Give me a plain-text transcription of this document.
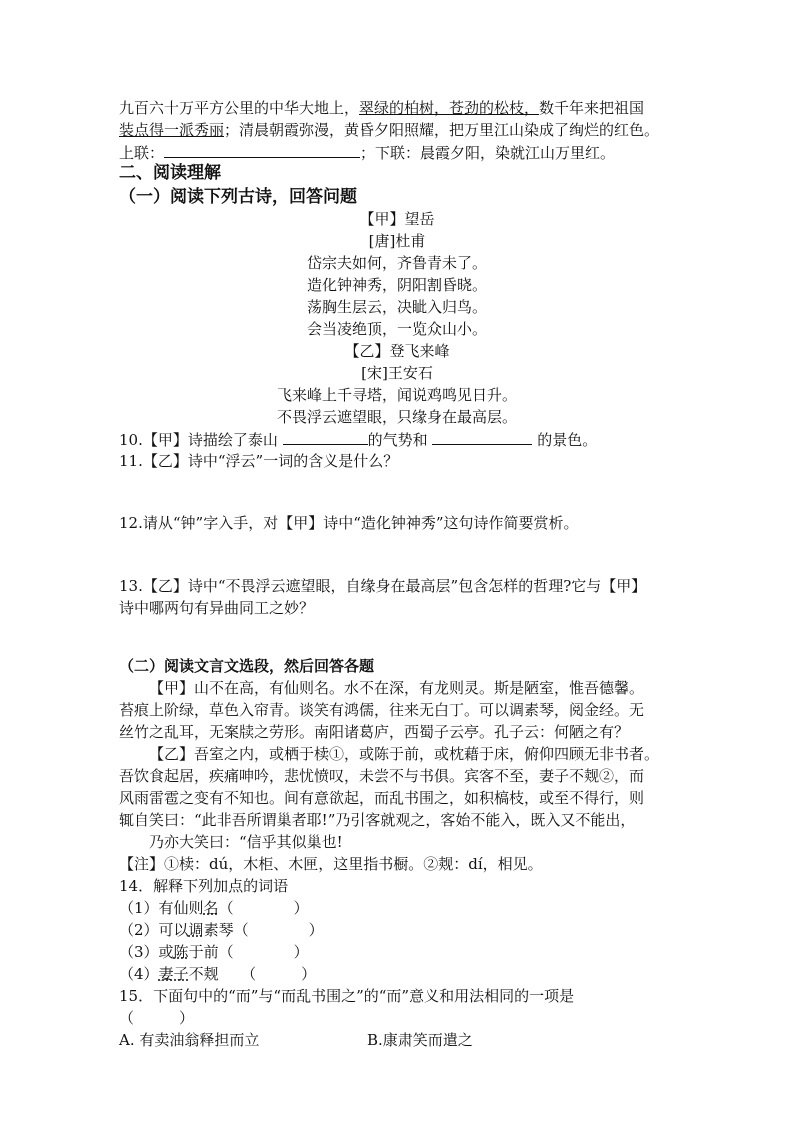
九百六十万平方公里的中华大地上，翠绿的柏树，苍劲的松枝，数千年来把祖国
装点得一派秀丽；清晨朝霞弥漫，黄昏夕阳照耀，把万里江山染成了绚烂的红色。
上联：	；下联：晨霞夕阳，染就江山万里红。
二、阅读理解
（一）阅读下列古诗，回答问题
【甲】望岳
[唐]杜甫
岱宗夫如何，齐鲁青未了。
造化钟神秀，阴阳割昏晓。
荡胸生层云，决眦入归鸟。
会当凌绝顶，一览众山小。
【乙】登飞来峰
[宋]王安石
飞来峰上千寻塔，闻说鸡鸣见日升。
不畏浮云遮望眼，只缘身在最高层。
10.【甲】诗描绘了泰山	的气势和	的景色。
11.【乙】诗中“浮云”一词的含义是什么？
12.请从“钟”字入手，对【甲】诗中“造化钟神秀”这句诗作简要赏析。
13.【乙】诗中“不畏浮云遮望眼，自缘身在最高层”包含怎样的哲理?它与【甲】
诗中哪两句有异曲同工之妙？
（二）阅读文言文选段，然后回答各题
【甲】山不在高，有仙则名。水不在深，有龙则灵。斯是陋室，惟吾德馨。
苔痕上阶绿，草色入帘青。谈笑有鸿儒，往来无白丁。可以调素琴，阅金经。无
丝竹之乱耳，无案牍之劳形。南阳诸葛庐，西蜀子云亭。孔子云：何陋之有？
【乙】吾室之内，或栖于椟①，或陈于前，或枕藉于床，俯仰四顾无非书者。
吾饮食起居，疾痛呻吟，悲忧愤叹，未尝不与书俱。宾客不至，妻子不觌②，而
风雨雷雹之变有不知也。间有意欲起，而乱书围之，如积槁枝，或至不得行，则
辄自笑曰：“此非吾所谓巢者耶!”乃引客就观之，客始不能入，既入又不能出，
乃亦大笑曰：“信乎其似巢也!
【注】①椟：dú，木柜、木匣，这里指书橱。②觌：dí，相见。
14．解释下列加点的词语
（1）有仙则名（　　　　）
（2）可以调素琴（　　　　）
（3）或陈于前（　　　　）
（4）妻子不觌　　（　　　）
15．下面句中的“而”与“而乱书围之”的“而”意义和用法相同的一项是
（　　　）
A. 有卖油翁释担而立	B.康肃笑而遣之
